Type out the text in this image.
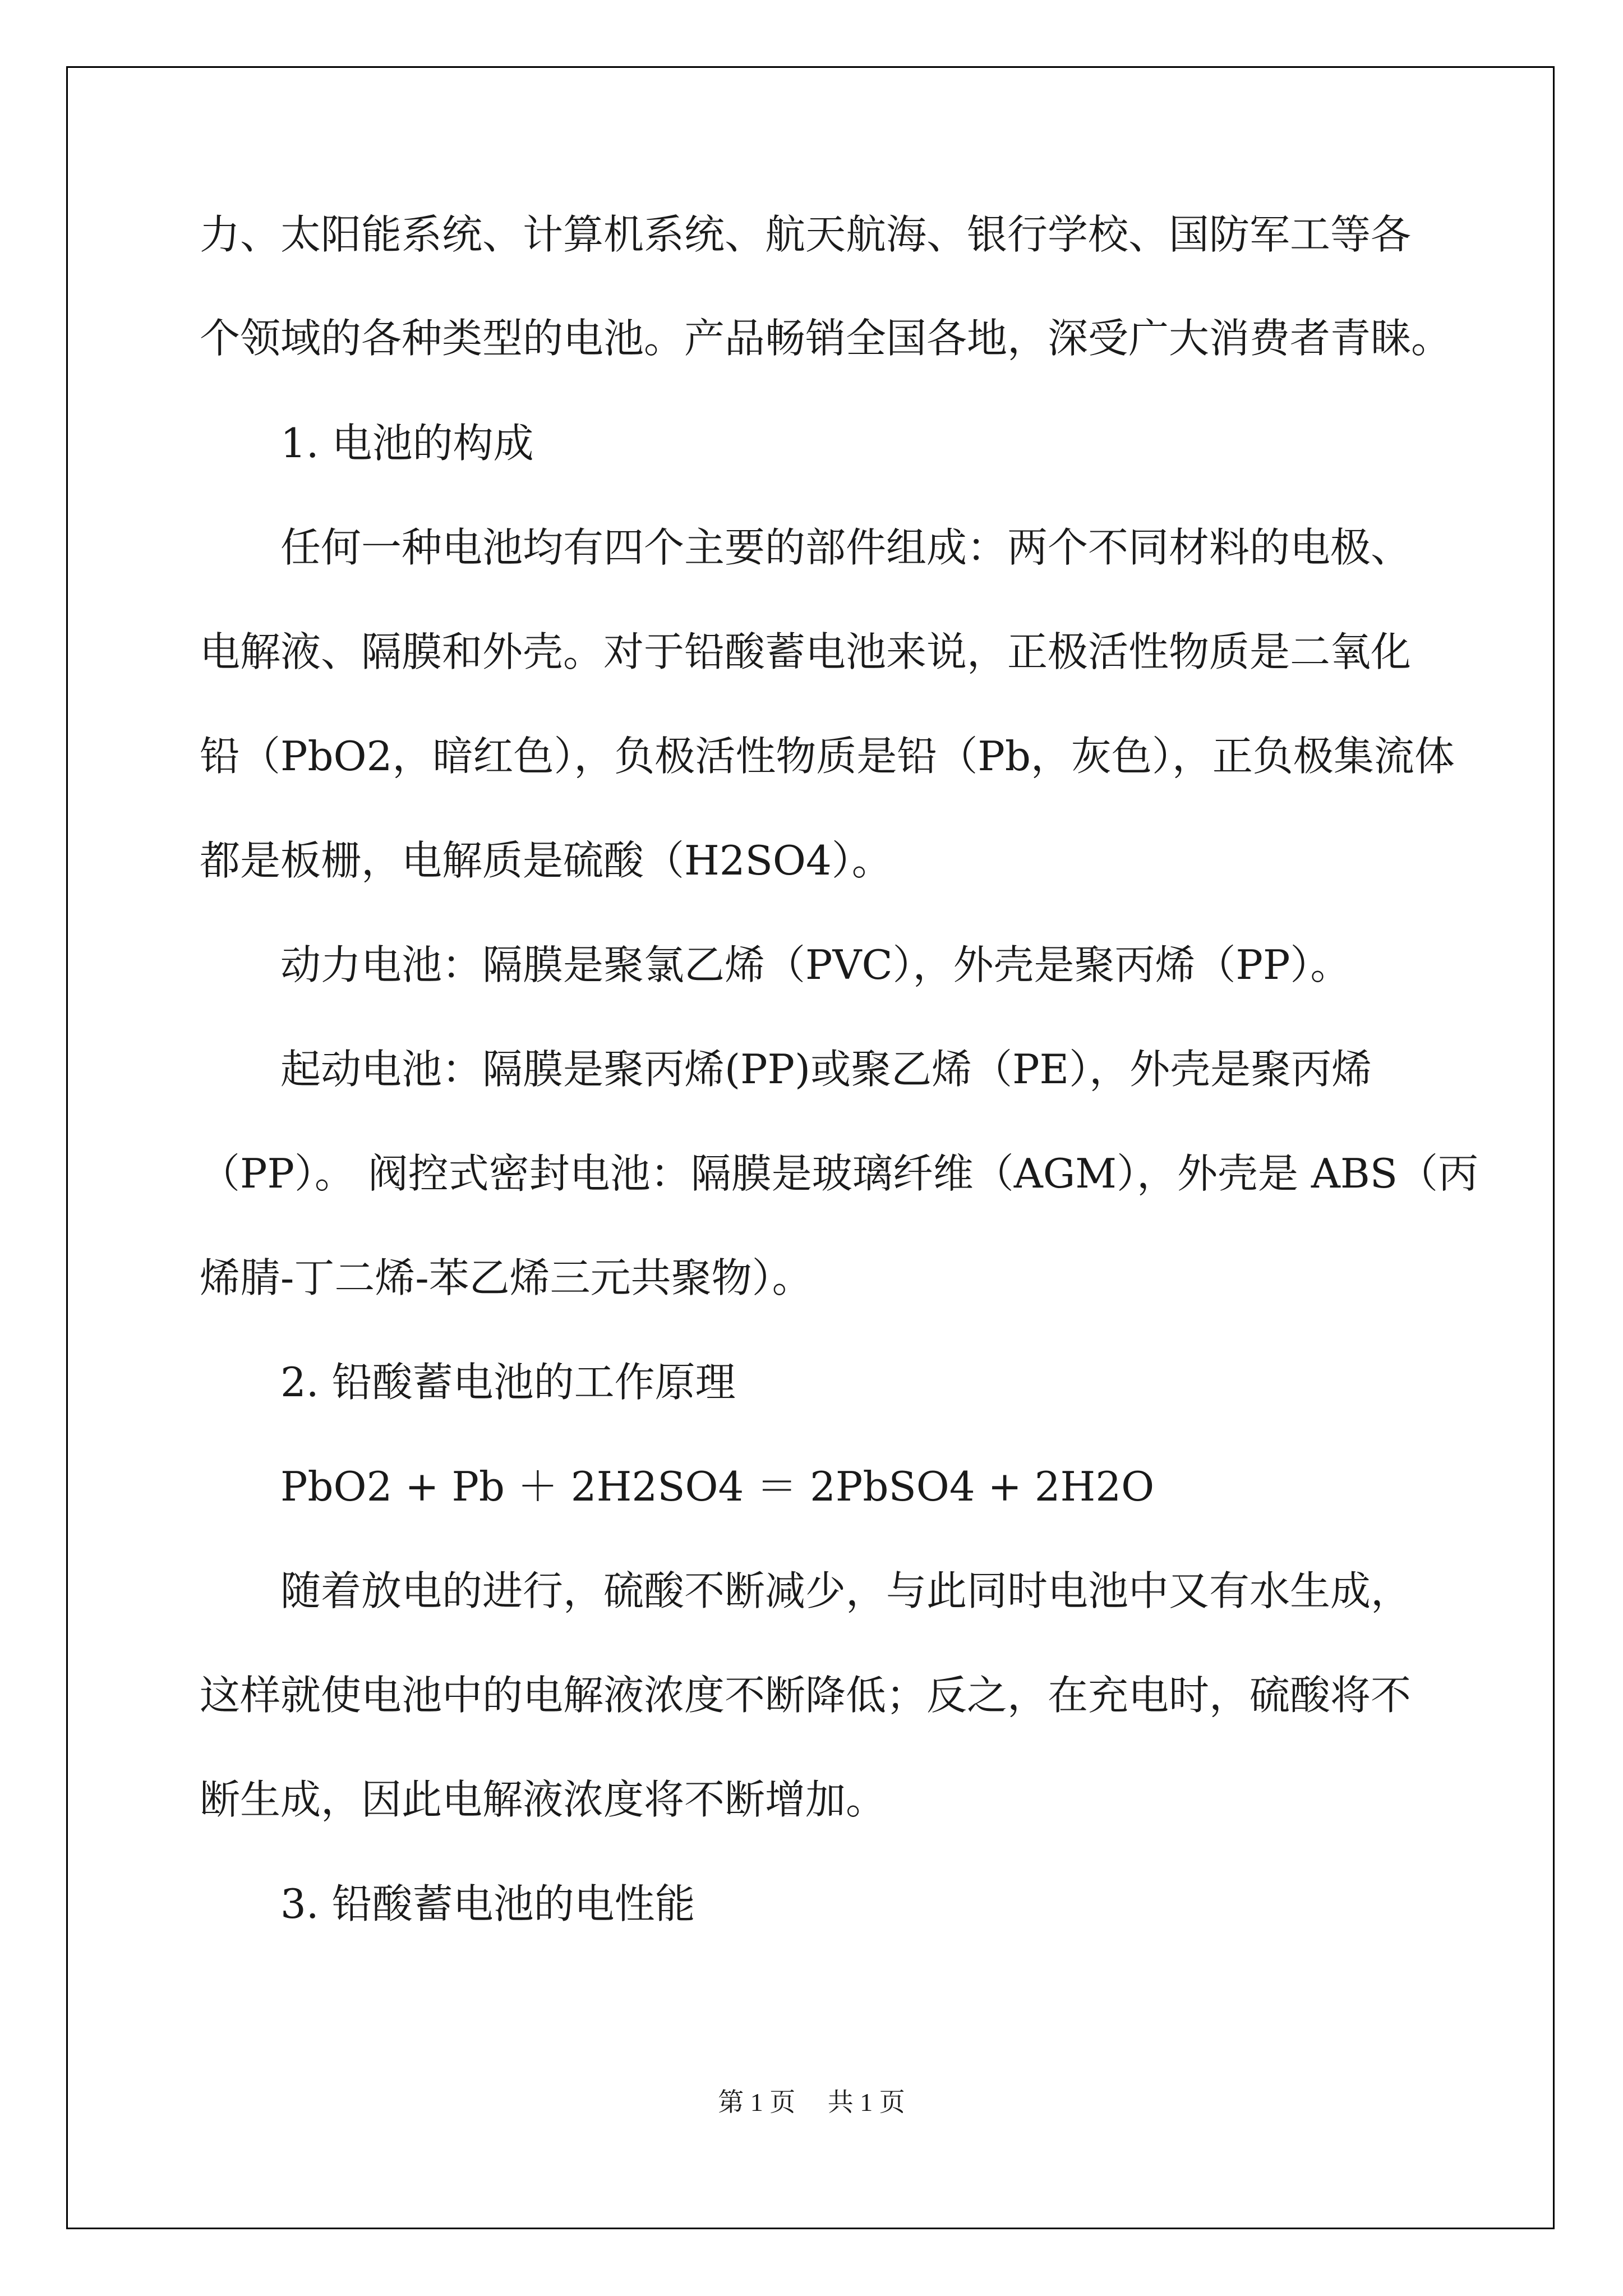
力、太阳能系统、计算机系统、航天航海、银行学校、国防军工等各
个领域的各种类型的电池。产品畅销全国各地，深受广大消费者青睐。
1. 电池的构成
任何一种电池均有四个主要的部件组成：两个不同材料的电极、
电解液、隔膜和外壳。对于铅酸蓄电池来说，正极活性物质是二氧化
铅（PbO2，暗红色），负极活性物质是铅（Pb，灰色），正负极集流体
都是板栅，电解质是硫酸（H2SO4）。
动力电池：隔膜是聚氯乙烯（PVC），外壳是聚丙烯（PP）。
起动电池：隔膜是聚丙烯(PP)或聚乙烯（PE），外壳是聚丙烯
（PP）。 阀控式密封电池：隔膜是玻璃纤维（AGM），外壳是 ABS（丙
烯腈-丁二烯-苯乙烯三元共聚物）。
2. 铅酸蓄电池的工作原理
PbO2 + Pb ＋ 2H2SO4 ＝ 2PbSO4 + 2H2O
随着放电的进行，硫酸不断减少，与此同时电池中又有水生成，
这样就使电池中的电解液浓度不断降低；反之，在充电时，硫酸将不
断生成，因此电解液浓度将不断增加。
3. 铅酸蓄电池的电性能
第 1 页 共 1 页
